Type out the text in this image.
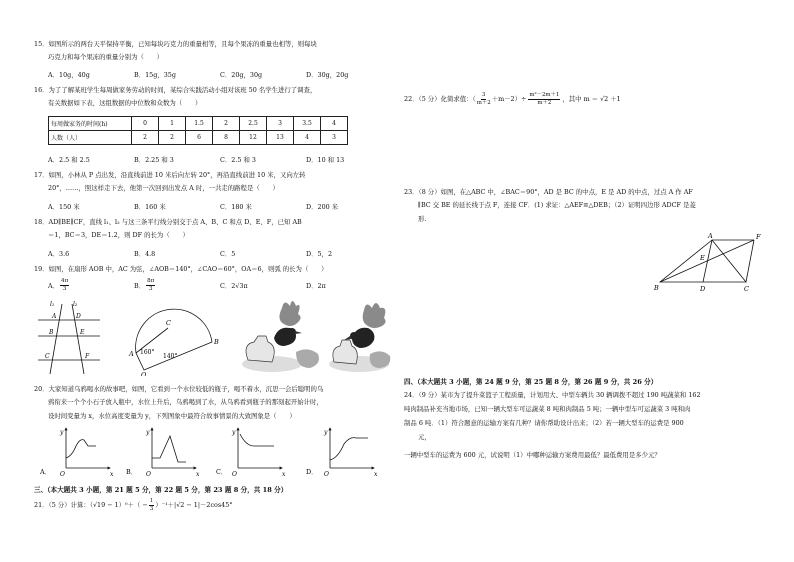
15．如图所示的两台天平保持平衡，已知每块巧克力的重量相等，且每个果冻的重量也相等，则每块
巧克力和每个果冻的重量分别为（　　）
A．10g，40g	B．15g，35g	C．20g，30g	D．30g，20g
16．为了了解某班学生每周做家务劳动的时间，某综合实践活动小组对该班 50 名学生进行了调查，
有关数据如下表，这组数据的中位数和众数为（　　）
每周做家务的时间(h)	0	1	1.5	2	2.5	3	3.5	4
人数（人）	2	2	6	8	12	13	4	3
A．2.5 和 2.5	B．2.25 和 3	C．2.5 和 3	D．10 和 13
17．如图，小林从 P 点出发，沿直线前进 10 米后向左转 20°，再沿直线前进 10 米，又向左转
20°，……，照这样走下去，他第一次回到出发点 A 时，一共走的路程是（　　）
A．150 米	B．160 米	C．180 米	D．200 米
18．AD∥BE∥CF，直线 l₁、l₂ 与这三条平行线分别交于点 A、B、C 和点 D、E、F，已知 AB
＝1，BC＝3，DE＝1.2，则 DF 的长为（　　）
A．3.6	B．4.8	C．5	D．5，2
19．如图，在扇形 AOB 中，AC 为弦，∠AOB＝140°，∠CAO＝60°，OA＝6，则弧 的长为（　　）
A． $\frac{4\pi}{3}$	B． $\frac{8\pi}{3}$	C．2√3π	D．2π
l₁	l₂
A	D
B	E
C	F
C
A
O
B
160°
140°
20．大家知道乌鸦喝水的故事吧，如图，它看到一个水位较低的瓶子，喝不着水，沉思一会后聪明的乌
鸦衔来一个个小石子放入瓶中，水位上升后，乌鸦喝到了水，从乌鸦看到瓶子的那刻起开始计时，
设时间变量为 x，水位高度变量为 y，下列图象中最符合故事情景的大致图象是（　　）
y
x
O
A．
y
x
O
B．
y
x
O
C．
y
x
O
D．
三、（本大题共 3 小题，第 21 题 5 分，第 22 题 5 分，第 23 题 8 分，共 18 分）
21．（5 分）计算：（ √19 − 1 ）$^0+( - \frac{1}{3} )^{-1}+|√2 - 1|-2\cos 45^\circ$
22．（5 分）化简求值：（ $\frac{3}{m+2} +m-2)\div \frac{\text{m²－2m＋1}}{m+2}$ ，其中 m ＝ √2 ＋1
23．（8 分）如图，在△ABC 中，∠BAC＝90°，AD 是 BC 的中点，E 是 AD 的中点，过点 A 作 AF
∥BC 交 BE 的延长线于点 F，连接 CF．(1) 求证：△AEF≌△DEB；（2）证明四边形 ADCF 是菱
形.
A	F
E
B	D	C
四、（本大题共 3 小题，第 24 题 9 分，第 25 题 8 分，第 26 题 9 分，共 26 分）
24．（9 分）某市为了提升菜篮子工程质量，计划用大、中型车辆共 30 辆调拨不超过 190 吨蔬菜和 162
吨肉制品补充当地市场，已知一辆大型车可运蔬菜 8 吨和肉制品 5 吨；一辆中型车可运蔬菜 3 吨和肉
制品 6 吨．（1）符合题意的运输方案有几种？请你帮助设计出来；（2）若一辆大型车的运费是 900
元，
一辆中型车的运费为 600 元，试说明（1）中哪种运输方案费用最低？最低费用是多少元？
